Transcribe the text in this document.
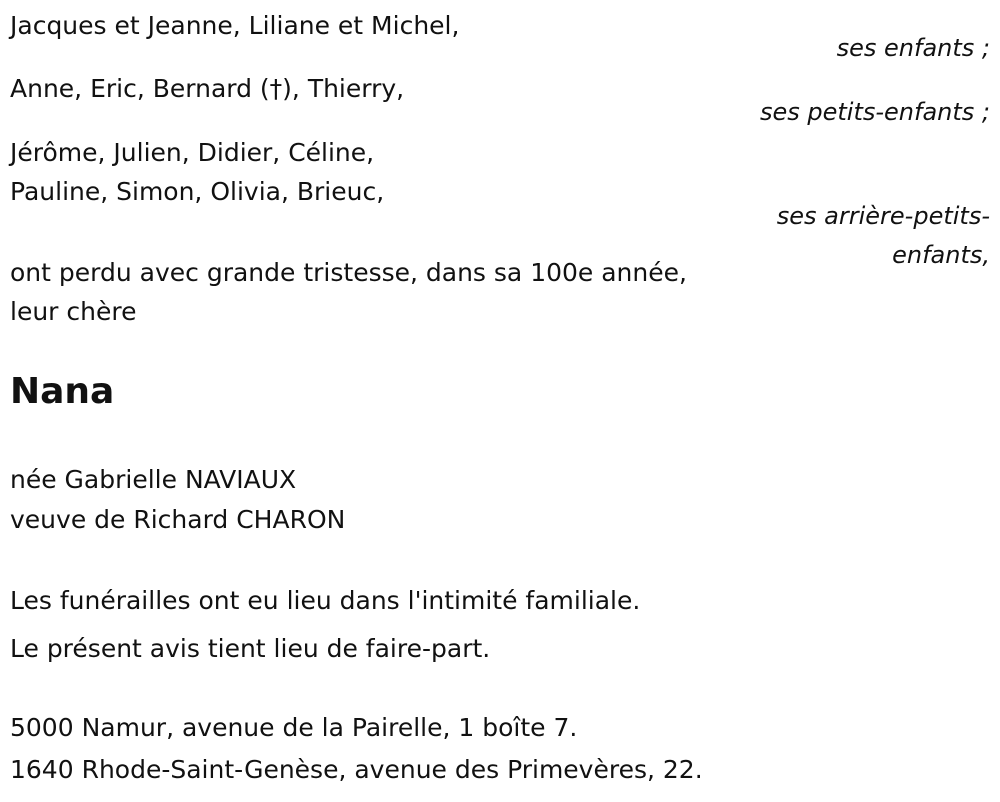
Jacques et Jeanne, Liliane et Michel,
ses enfants ;
Anne, Eric, Bernard (†), Thierry,
ses petits-enfants ;
Jérôme, Julien, Didier, Céline,
Pauline, Simon, Olivia, Brieuc,
ses arrière-petits-
enfants,
ont perdu avec grande tristesse, dans sa 100e année,
leur chère
Nana
née Gabrielle NAVIAUX
veuve de Richard CHARON
Les funérailles ont eu lieu dans l'intimité familiale.
Le présent avis tient lieu de faire-part.
5000 Namur, avenue de la Pairelle, 1 boîte 7.
1640 Rhode-Saint-Genèse, avenue des Primevères, 22.
